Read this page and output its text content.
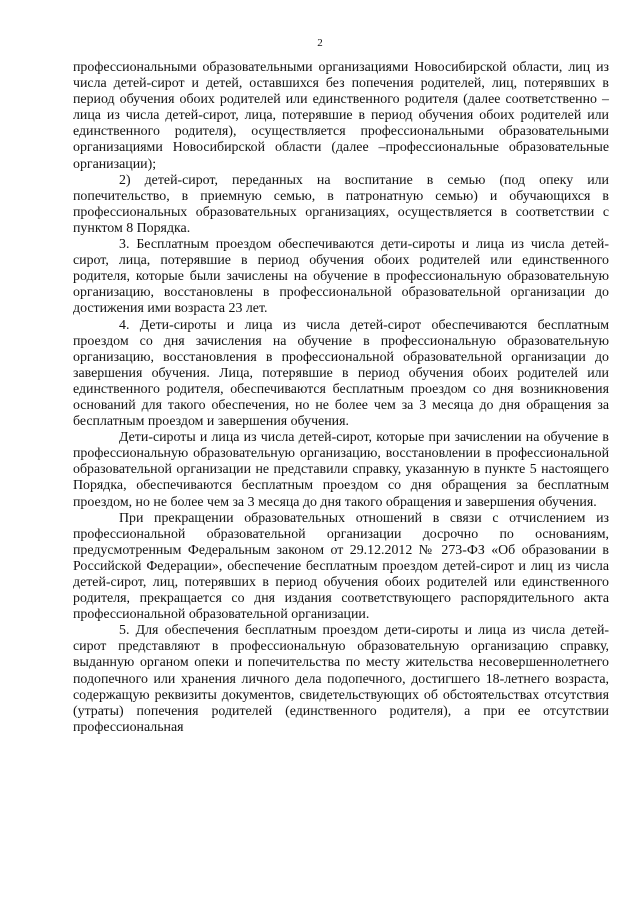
2

профессиональными образовательными организациями Новосибирской области, лиц из числа детей-сирот и детей, оставшихся без попечения родителей, лиц, потерявших в период обучения обоих родителей или единственного родителя (далее соответственно – лица из числа детей-сирот, лица, потерявшие в период обучения обоих родителей или единственного родителя), осуществляется профессиональными образовательными организациями Новосибирской области (далее –профессиональные образовательные организации);

2) детей-сирот, переданных на воспитание в семью (под опеку или попечительство, в приемную семью, в патронатную семью) и обучающихся в профессиональных образовательных организациях, осуществляется в соответствии с пунктом 8 Порядка.

3. Бесплатным проездом обеспечиваются дети-сироты и лица из числа детей-сирот, лица, потерявшие в период обучения обоих родителей или единственного родителя, которые были зачислены на обучение в профессиональную образовательную организацию, восстановлены в профессиональной образовательной организации до достижения ими возраста 23 лет.

4. Дети-сироты и лица из числа детей-сирот обеспечиваются бесплатным проездом со дня зачисления на обучение в профессиональную образовательную организацию, восстановления в профессиональной образовательной организации до завершения обучения. Лица, потерявшие в период обучения обоих родителей или единственного родителя, обеспечиваются бесплатным проездом со дня возникновения оснований для такого обеспечения, но не более чем за 3 месяца до дня обращения за бесплатным проездом и завершения обучения.

Дети-сироты и лица из числа детей-сирот, которые при зачислении на обучение в профессиональную образовательную организацию, восстановлении в профессиональной образовательной организации не представили справку, указанную в пункте 5 настоящего Порядка, обеспечиваются бесплатным проездом со дня обращения за бесплатным проездом, но не более чем за 3 месяца до дня такого обращения и завершения обучения.

При прекращении образовательных отношений в связи с отчислением из профессиональной образовательной организации досрочно по основаниям, предусмотренным Федеральным законом от 29.12.2012 № 273-ФЗ «Об образовании в Российской Федерации», обеспечение бесплатным проездом детей-сирот и лиц из числа детей-сирот, лиц, потерявших в период обучения обоих родителей или единственного родителя, прекращается со дня издания соответствующего распорядительного акта профессиональной образовательной организации.

5. Для обеспечения бесплатным проездом дети-сироты и лица из числа детей-сирот представляют в профессиональную образовательную организацию справку, выданную органом опеки и попечительства по месту жительства несовершеннолетнего подопечного или хранения личного дела подопечного, достигшего 18-летнего возраста, содержащую реквизиты документов, свидетельствующих об обстоятельствах отсутствия (утраты) попечения родителей (единственного родителя), а при ее отсутствии профессиональная
